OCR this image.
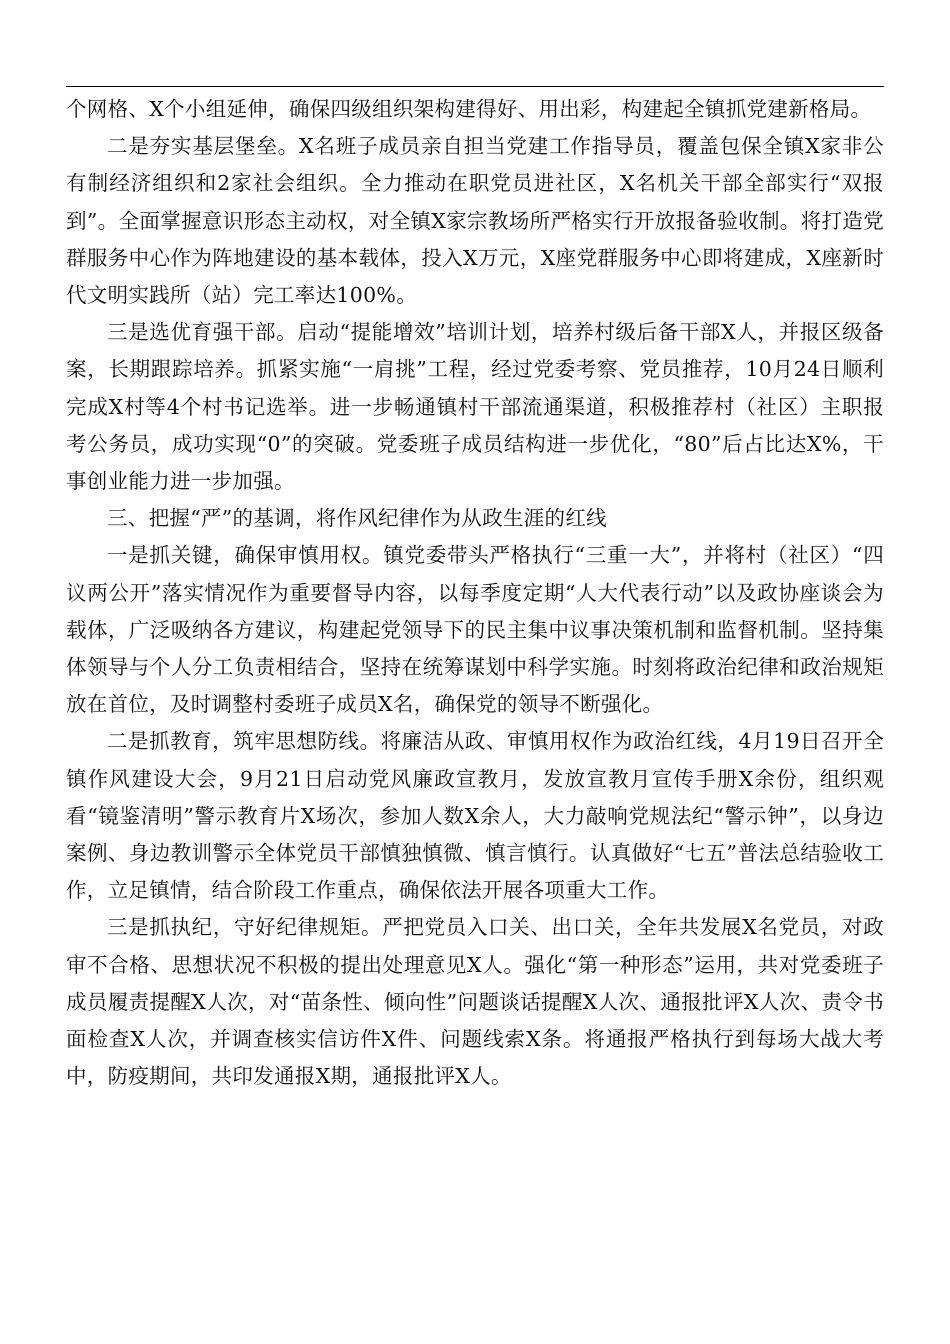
个网格、X个小组延伸，确保四级组织架构建得好、用出彩，构建起全镇抓党建新格局。

二是夯实基层堡垒。X名班子成员亲自担当党建工作指导员，覆盖包保全镇X家非公有制经济组织和2家社会组织。全力推动在职党员进社区，X名机关干部全部实行“双报到”。全面掌握意识形态主动权，对全镇X家宗教场所严格实行开放报备验收制。将打造党群服务中心作为阵地建设的基本载体，投入X万元，X座党群服务中心即将建成，X座新时代文明实践所（站）完工率达100%。

三是选优育强干部。启动“提能增效”培训计划，培养村级后备干部X人，并报区级备案，长期跟踪培养。抓紧实施“一肩挑”工程，经过党委考察、党员推荐，10月24日顺利完成X村等4个村书记选举。进一步畅通镇村干部流通渠道，积极推荐村（社区）主职报考公务员，成功实现“0”的突破。党委班子成员结构进一步优化，“80”后占比达X%，干事创业能力进一步加强。

三、把握“严”的基调，将作风纪律作为从政生涯的红线

一是抓关键，确保审慎用权。镇党委带头严格执行“三重一大”，并将村（社区）“四议两公开”落实情况作为重要督导内容，以每季度定期“人大代表行动”以及政协座谈会为载体，广泛吸纳各方建议，构建起党领导下的民主集中议事决策机制和监督机制。坚持集体领导与个人分工负责相结合，坚持在统筹谋划中科学实施。时刻将政治纪律和政治规矩放在首位，及时调整村委班子成员X名，确保党的领导不断强化。

二是抓教育，筑牢思想防线。将廉洁从政、审慎用权作为政治红线，4月19日召开全镇作风建设大会，9月21日启动党风廉政宣教月，发放宣教月宣传手册X余份，组织观看“镜鉴清明”警示教育片X场次，参加人数X余人，大力敲响党规法纪“警示钟”，以身边案例、身边教训警示全体党员干部慎独慎微、慎言慎行。认真做好“七五”普法总结验收工作，立足镇情，结合阶段工作重点，确保依法开展各项重大工作。

三是抓执纪，守好纪律规矩。严把党员入口关、出口关，全年共发展X名党员，对政审不合格、思想状况不积极的提出处理意见X人。强化“第一种形态”运用，共对党委班子成员履责提醒X人次，对“苗条性、倾向性”问题谈话提醒X人次、通报批评X人次、责令书面检查X人次，并调查核实信访件X件、问题线索X条。将通报严格执行到每场大战大考中，防疫期间，共印发通报X期，通报批评X人。
